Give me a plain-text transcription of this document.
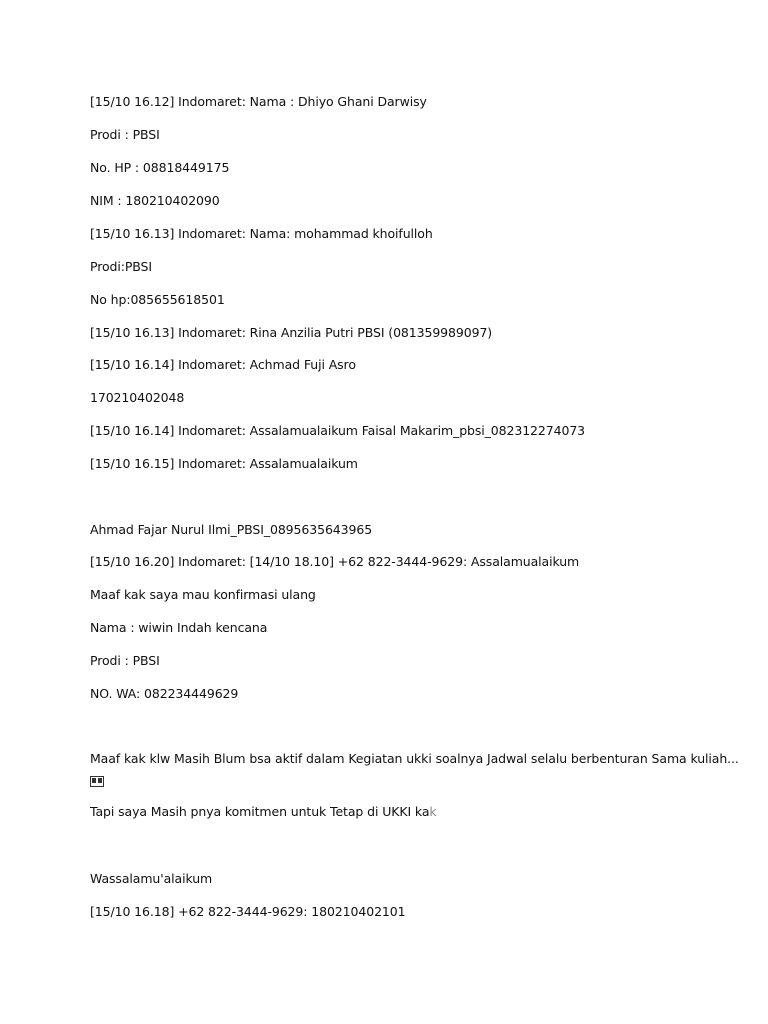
[15/10 16.12] Indomaret: Nama : Dhiyo Ghani Darwisy
Prodi : PBSI
No. HP : 08818449175
NIM : 180210402090
[15/10 16.13] Indomaret: Nama: mohammad khoifulloh
Prodi:PBSI
No hp:085655618501
[15/10 16.13] Indomaret: Rina Anzilia Putri PBSI (081359989097)
[15/10 16.14] Indomaret: Achmad Fuji Asro
170210402048
[15/10 16.14] Indomaret: Assalamualaikum Faisal Makarim_pbsi_082312274073
[15/10 16.15] Indomaret: Assalamualaikum
Ahmad Fajar Nurul Ilmi_PBSI_0895635643965
[15/10 16.20] Indomaret: [14/10 18.10] +62 822-3444-9629: Assalamualaikum
Maaf kak saya mau konfirmasi ulang
Nama : wiwin Indah kencana
Prodi : PBSI
NO. WA: 082234449629
Maaf kak klw Masih Blum bsa aktif dalam Kegiatan ukki soalnya Jadwal selalu berbenturan Sama kuliah...
Tapi saya Masih pnya komitmen untuk Tetap di UKKI kak
Wassalamu'alaikum
[15/10 16.18] +62 822-3444-9629: 180210402101
